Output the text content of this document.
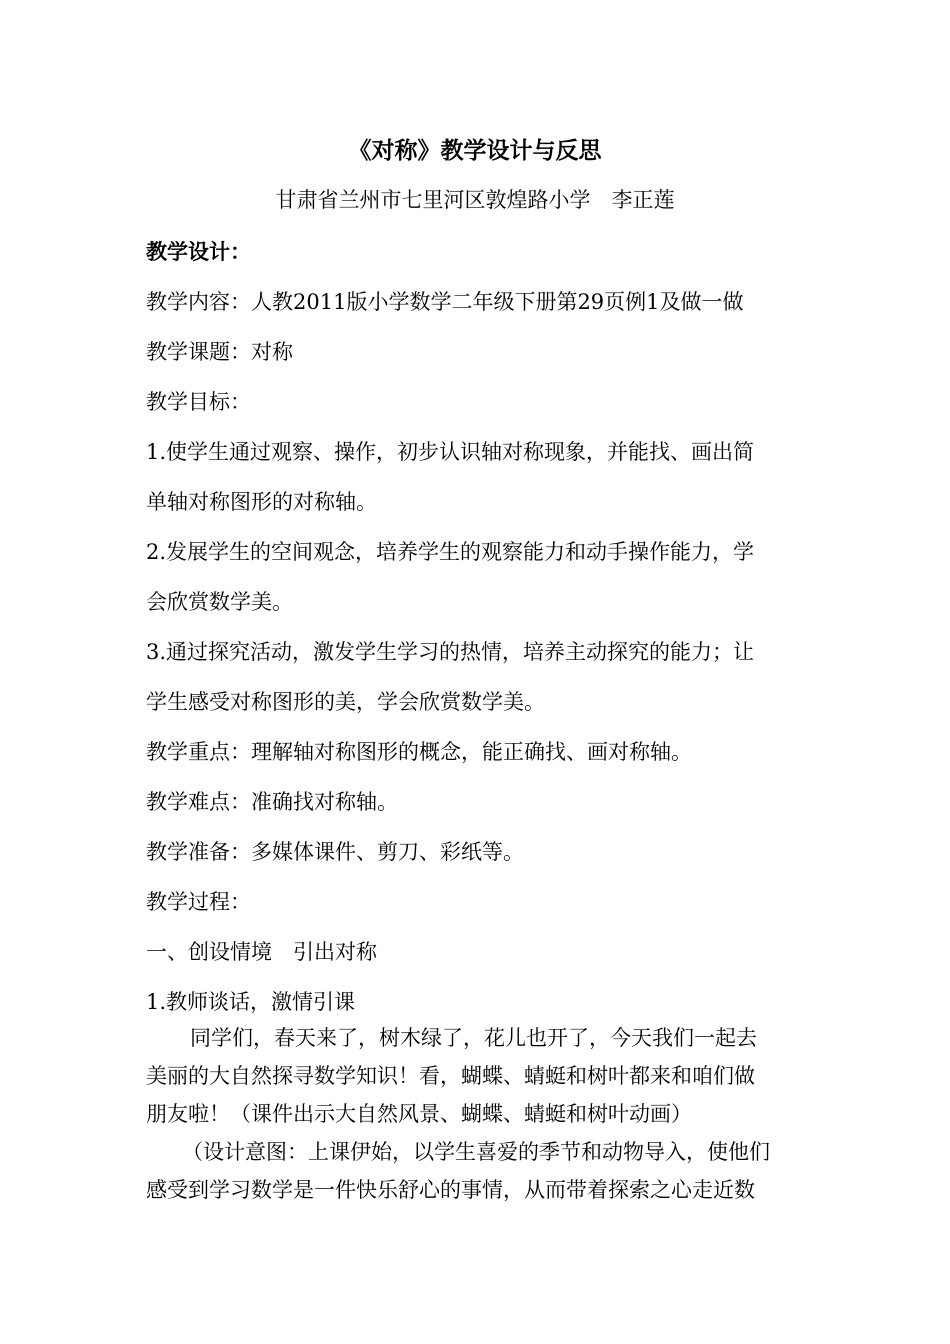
《对称》教学设计与反思
甘肃省兰州市七里河区敦煌路小学　李正莲
教学设计：
教学内容：人教2011版小学数学二年级下册第29页例1及做一做
教学课题：对称
教学目标：
1.使学生通过观察、操作，初步认识轴对称现象，并能找、画出简
单轴对称图形的对称轴。
2.发展学生的空间观念，培养学生的观察能力和动手操作能力，学
会欣赏数学美。
3.通过探究活动，激发学生学习的热情，培养主动探究的能力；让
学生感受对称图形的美，学会欣赏数学美。
教学重点：理解轴对称图形的概念，能正确找、画对称轴。
教学难点：准确找对称轴。
教学准备：多媒体课件、剪刀、彩纸等。
教学过程：
一、创设情境　引出对称
1.教师谈话，激情引课
同学们，春天来了，树木绿了，花儿也开了，今天我们一起去
美丽的大自然探寻数学知识！看，蝴蝶、蜻蜓和树叶都来和咱们做
朋友啦！（课件出示大自然风景、蝴蝶、蜻蜓和树叶动画）
（设计意图：上课伊始，以学生喜爱的季节和动物导入，使他们
感受到学习数学是一件快乐舒心的事情，从而带着探索之心走近数
